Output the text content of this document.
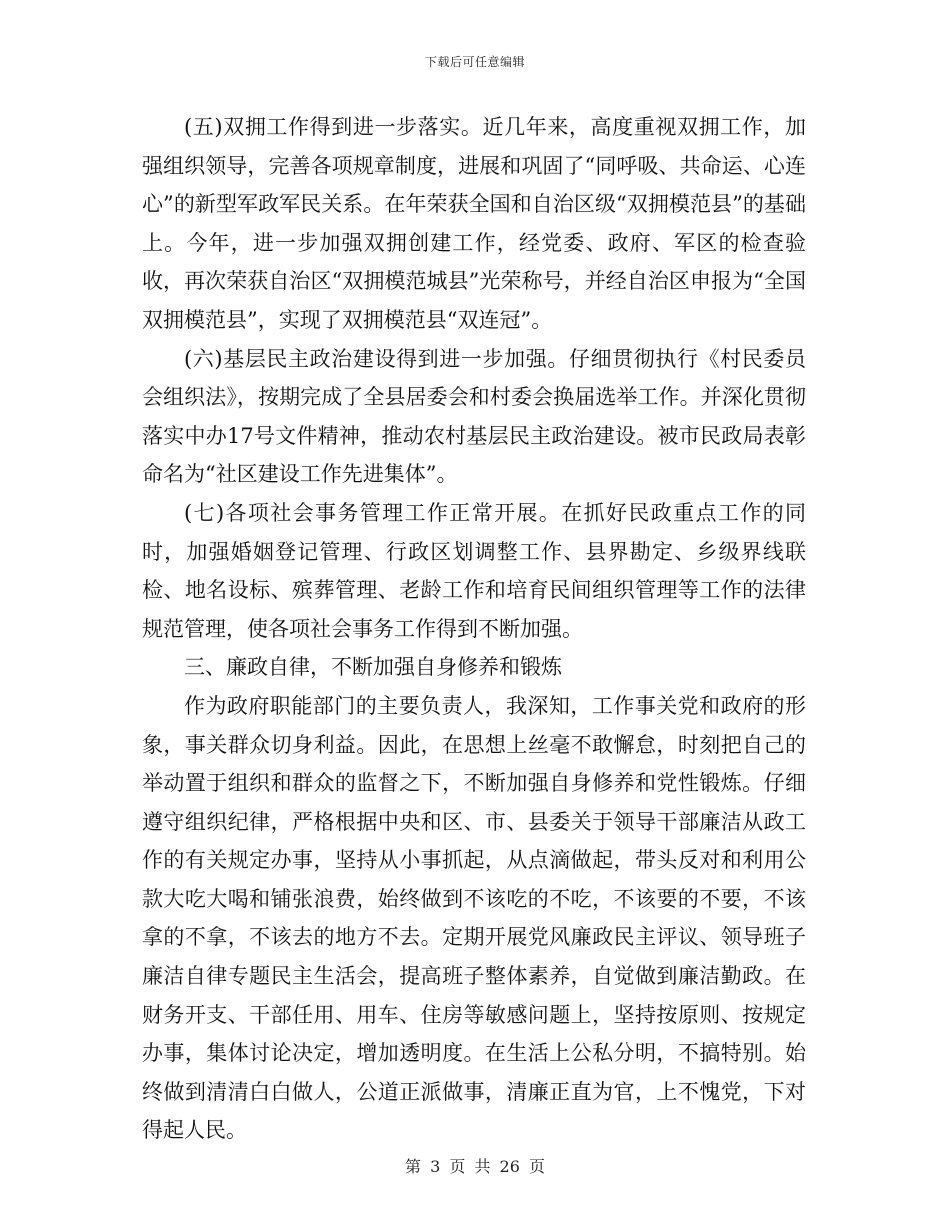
下载后可任意编辑

(五)双拥工作得到进一步落实。近几年来，高度重视双拥工作，加强组织领导，完善各项规章制度，进展和巩固了“同呼吸、共命运、心连心”的新型军政军民关系。在年荣获全国和自治区级“双拥模范县”的基础上。今年，进一步加强双拥创建工作，经党委、政府、军区的检查验收，再次荣获自治区“双拥模范城县”光荣称号，并经自治区申报为“全国双拥模范县”，实现了双拥模范县“双连冠”。

(六)基层民主政治建设得到进一步加强。仔细贯彻执行《村民委员会组织法》，按期完成了全县居委会和村委会换届选举工作。并深化贯彻落实中办17号文件精神，推动农村基层民主政治建设。被市民政局表彰命名为“社区建设工作先进集体”。

(七)各项社会事务管理工作正常开展。在抓好民政重点工作的同时，加强婚姻登记管理、行政区划调整工作、县界勘定、乡级界线联检、地名设标、殡葬管理、老龄工作和培育民间组织管理等工作的法律规范管理，使各项社会事务工作得到不断加强。

三、廉政自律，不断加强自身修养和锻炼

作为政府职能部门的主要负责人，我深知，工作事关党和政府的形象，事关群众切身利益。因此，在思想上丝毫不敢懈怠，时刻把自己的举动置于组织和群众的监督之下，不断加强自身修养和党性锻炼。仔细遵守组织纪律，严格根据中央和区、市、县委关于领导干部廉洁从政工作的有关规定办事，坚持从小事抓起，从点滴做起，带头反对和利用公款大吃大喝和铺张浪费，始终做到不该吃的不吃，不该要的不要，不该拿的不拿，不该去的地方不去。定期开展党风廉政民主评议、领导班子廉洁自律专题民主生活会，提高班子整体素养，自觉做到廉洁勤政。在财务开支、干部任用、用车、住房等敏感问题上，坚持按原则、按规定办事，集体讨论决定，增加透明度。在生活上公私分明，不搞特别。始终做到清清白白做人，公道正派做事，清廉正直为官，上不愧党，下对得起人民。

第 3 页 共 26 页
